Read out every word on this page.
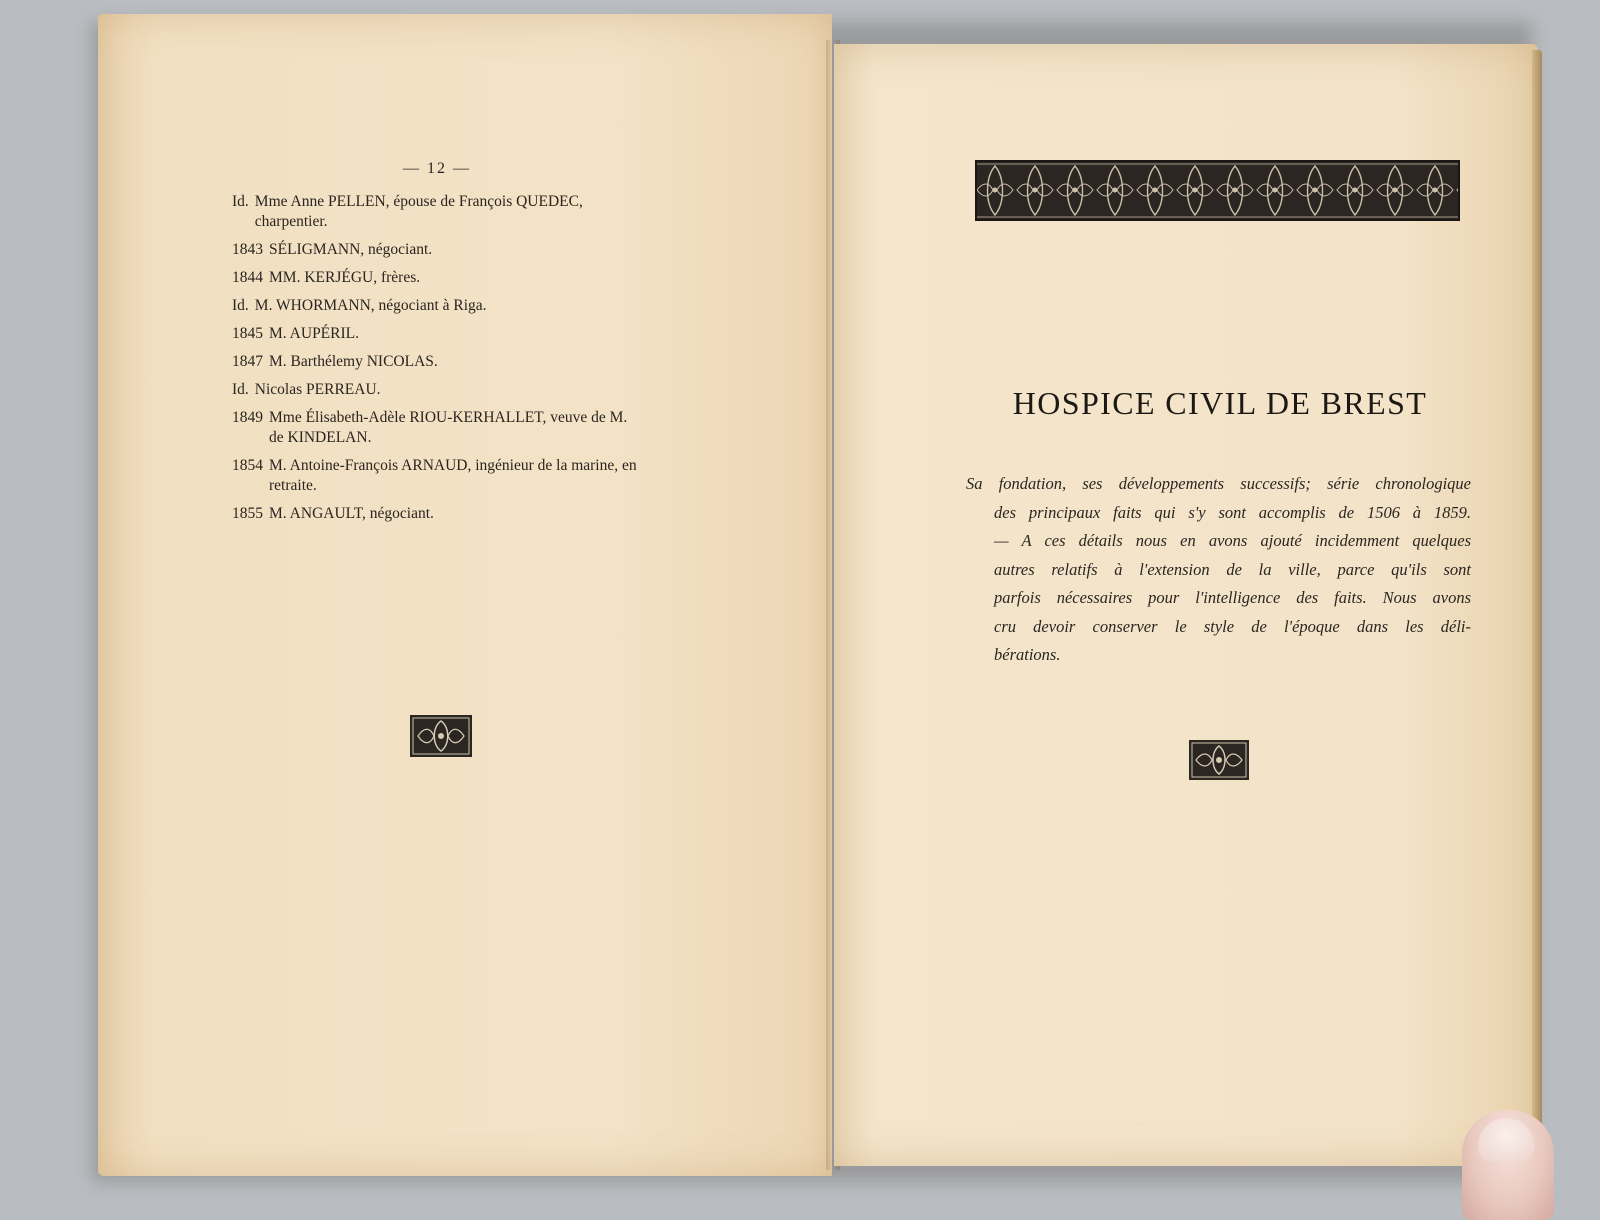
— 12 —
Id. Mme Anne PELLEN, épouse de François QUEDEC, charpentier.
1843 SÉLIGMANN, négociant.
1844 MM. KERJÉGU, frères.
Id. M. WHORMANN, négociant à Riga.
1845 M. AUPÉRIL.
1847 M. Barthélemy NICOLAS.
Id. Nicolas PERREAU.
1849 Mme Élisabeth-Adèle RIOU-KERHALLET, veuve de M. de KINDELAN.
1854 M. Antoine-François ARNAUD, ingénieur de la marine, en retraite.
1855 M. ANGAULT, négociant.
HOSPICE CIVIL DE BREST
Sa fondation, ses développements successifs; série chronologique
des principaux faits qui s'y sont accomplis de 1506 à 1859.
— A ces détails nous en avons ajouté incidemment quelques
autres relatifs à l'extension de la ville, parce qu'ils sont
parfois nécessaires pour l'intelligence des faits. Nous avons
cru devoir conserver le style de l'époque dans les déli-
bérations.
